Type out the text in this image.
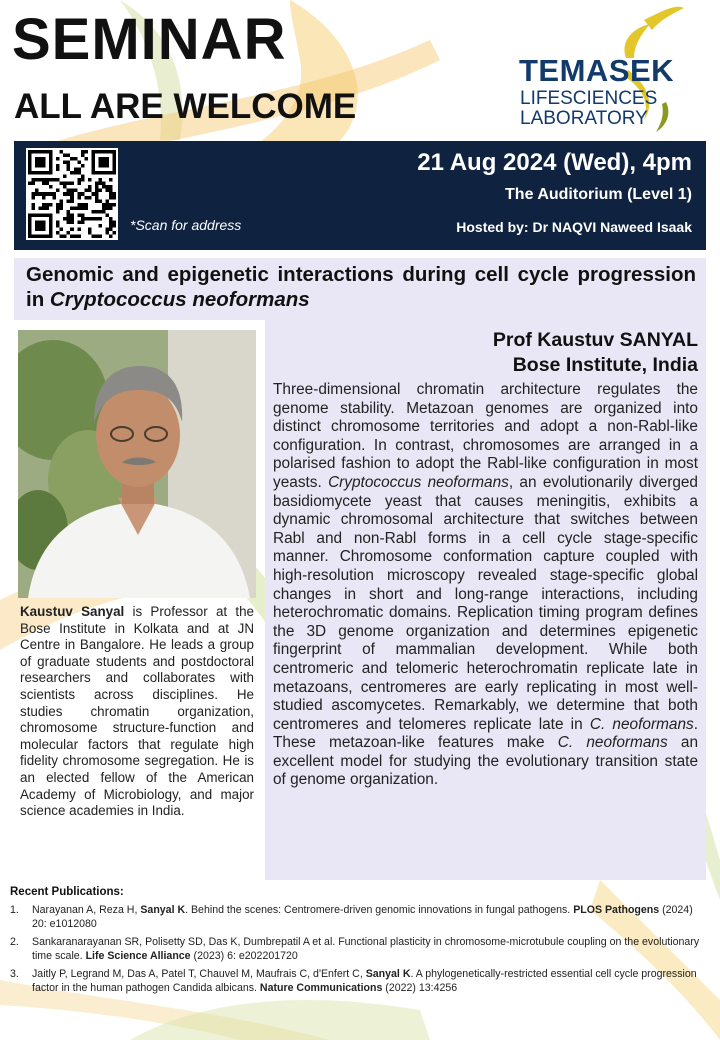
SEMINAR
ALL ARE WELCOME
TEMASEK
LIFESCIENCES
LABORATORY
*Scan for address
21 Aug 2024 (Wed), 4pm
The Auditorium (Level 1)
Hosted by: Dr NAQVI Naweed Isaak
Genomic and epigenetic interactions during cell cycle progression in Cryptococcus neoformans

Prof Kaustuv SANYAL

Bose Institute, India

Three-dimensional chromatin architecture regulates the genome stability. Metazoan genomes are organized into distinct chromosome territories and adopt a non-Rabl-like configuration. In contrast, chromosomes are arranged in a polarised fashion to adopt the Rabl-like configuration in most yeasts. Cryptococcus neoformans, an evolutionarily diverged basidiomycete yeast that causes meningitis, exhibits a dynamic chromosomal architecture that switches between Rabl and non-Rabl forms in a cell cycle stage-specific manner. Chromosome conformation capture coupled with high-resolution microscopy revealed stage-specific global changes in short and long-range interactions, including heterochromatic domains. Replication timing program defines the 3D genome organization and determines epigenetic fingerprint of mammalian development. While both centromeric and telomeric heterochromatin replicate late in metazoans, centromeres are early replicating in most well-studied ascomycetes. Remarkably, we determine that both centromeres and telomeres replicate late in C. neoformans. These metazoan-like features make C. neoformans an excellent model for studying the evolutionary transition state of genome organization.

Kaustuv Sanyal is Professor at the Bose Institute in Kolkata and at JN Centre in Bangalore. He leads a group of graduate students and postdoctoral researchers and collaborates with scientists across disciplines. He studies chromatin organization, chromosome structure-function and molecular factors that regulate high fidelity chromosome segregation. He is an elected fellow of the American Academy of Microbiology, and major science academies in India.

Recent Publications:

1. Narayanan A, Reza H, Sanyal K. Behind the scenes: Centromere-driven genomic innovations in fungal pathogens. PLOS Pathogens (2024) 20: e1012080
2. Sankaranarayanan SR, Polisetty SD, Das K, Dumbrepatil A et al. Functional plasticity in chromosome-microtubule coupling on the evolutionary time scale. Life Science Alliance (2023) 6: e202201720
3. Jaitly P, Legrand M, Das A, Patel T, Chauvel M, Maufrais C, d'Enfert C, Sanyal K. A phylogenetically-restricted essential cell cycle progression factor in the human pathogen Candida albicans. Nature Communications (2022) 13:4256
